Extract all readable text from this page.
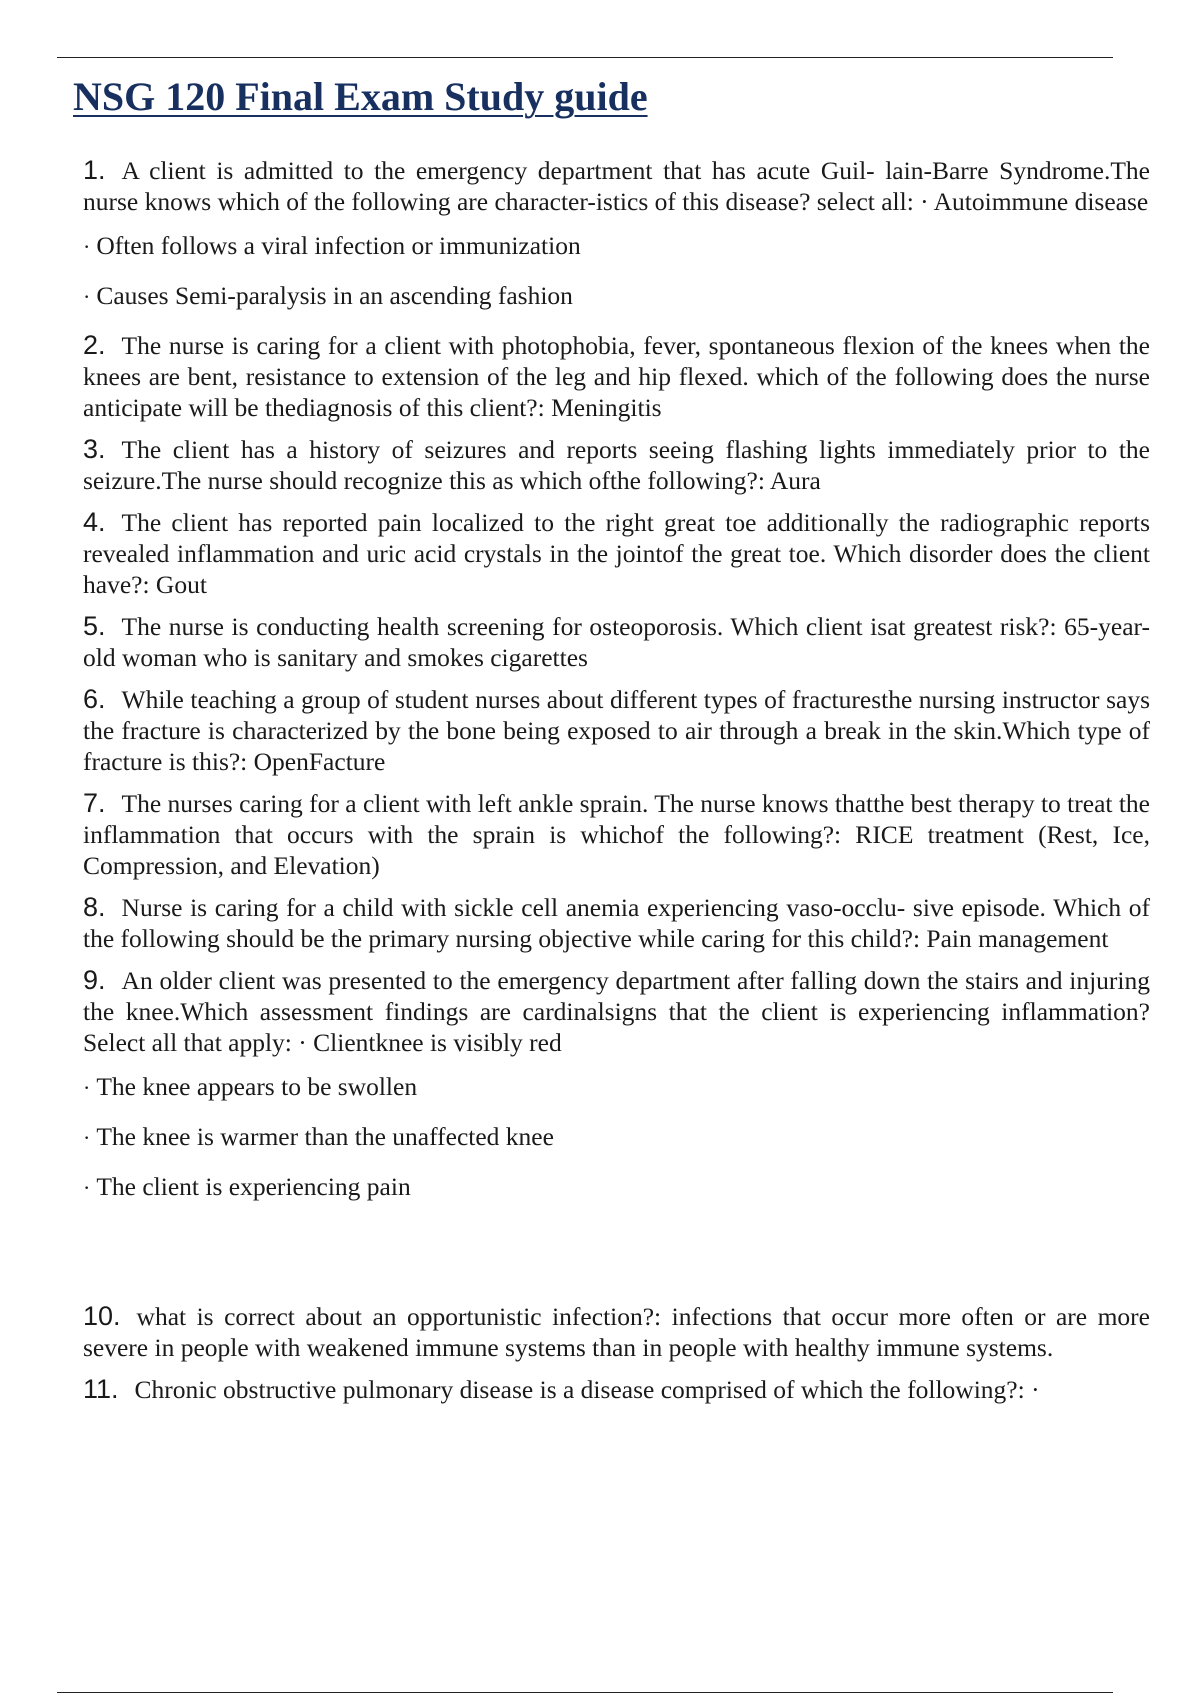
NSG 120 Final Exam Study guide

1. A client is admitted to the emergency department that has acute Guil- lain-Barre Syndrome.The nurse knows which of the following are character-istics of this disease? select all: · Autoimmune disease

· Often follows a viral infection or immunization
· Causes Semi-paralysis in an ascending fashion

2. The nurse is caring for a client with photophobia, fever, spontaneous flexion of the knees when the knees are bent, resistance to extension of the leg and hip flexed. which of the following does the nurse anticipate will be thediagnosis of this client?: Meningitis

3. The client has a history of seizures and reports seeing flashing lights immediately prior to the seizure.The nurse should recognize this as which ofthe following?: Aura

4. The client has reported pain localized to the right great toe additionally the radiographic reports revealed inflammation and uric acid crystals in the jointof the great toe. Which disorder does the client have?: Gout

5. The nurse is conducting health screening for osteoporosis. Which client isat greatest risk?: 65-year-old woman who is sanitary and smokes cigarettes

6. While teaching a group of student nurses about different types of fracturesthe nursing instructor says the fracture is characterized by the bone being exposed to air through a break in the skin.Which type of fracture is this?: OpenFacture

7. The nurses caring for a client with left ankle sprain. The nurse knows thatthe best therapy to treat the inflammation that occurs with the sprain is whichof the following?: RICE treatment (Rest, Ice, Compression, and Elevation)

8. Nurse is caring for a child with sickle cell anemia experiencing vaso-occlu- sive episode. Which of the following should be the primary nursing objective while caring for this child?: Pain management

9. An older client was presented to the emergency department after falling down the stairs and injuring the knee.Which assessment findings are cardinalsigns that the client is experiencing inflammation? Select all that apply: · Clientknee is visibly red

· The knee appears to be swollen
· The knee is warmer than the unaffected knee
· The client is experiencing pain

10. what is correct about an opportunistic infection?: infections that occur more often or are more severe in people with weakened immune systems than in people with healthy immune systems.

11. Chronic obstructive pulmonary disease is a disease comprised of which the following?: ·
